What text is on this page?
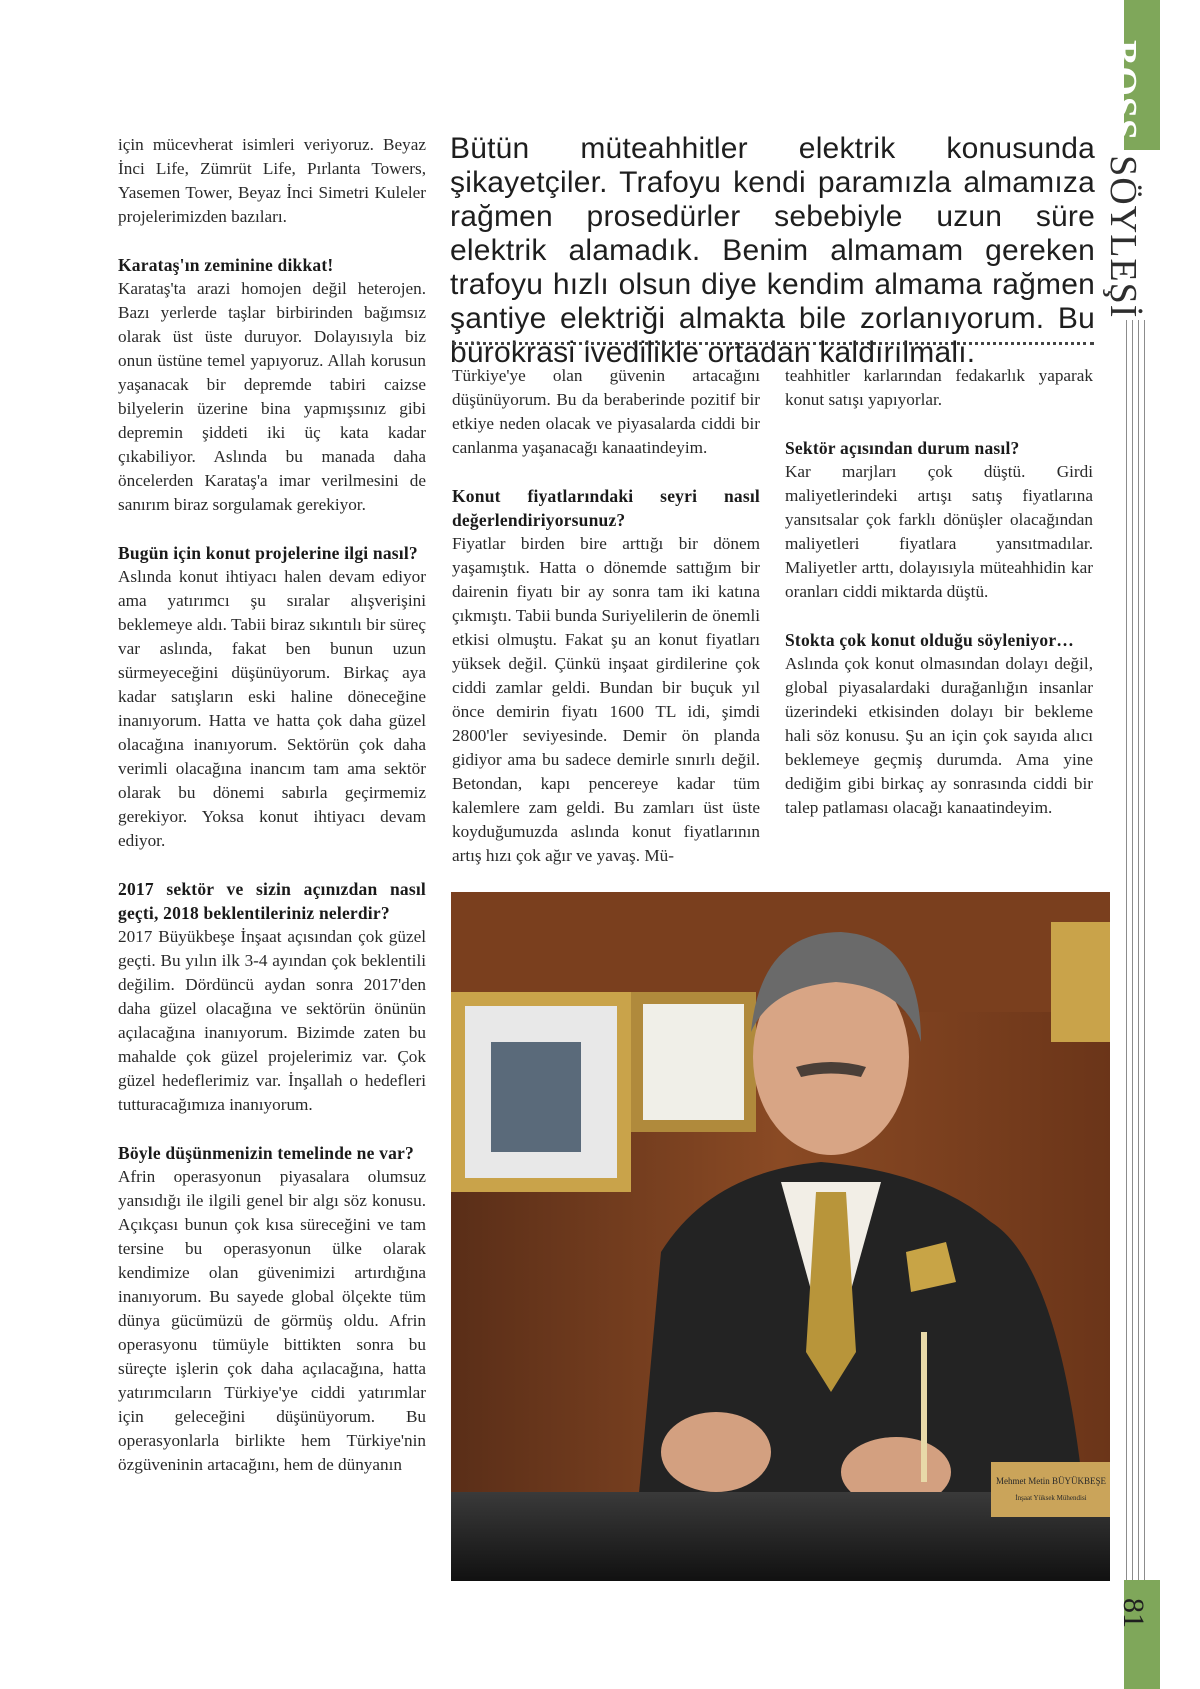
BOSSSÖYLEŞİ
81

Bütün müteahhitler elektrik konusunda şikayetçiler. Trafoyu kendi paramızla almamıza rağmen prosedürler sebebiyle uzun süre elektrik alamadık. Benim almamam gereken trafoyu hızlı olsun diye kendim almama rağmen şantiye elektriği almakta bile zorlanıyorum. Bu bürokrasi ivedilikle ortadan kaldırılmalı.

için mücevherat isimleri veriyoruz. Beyaz İnci Life, Zümrüt Life, Pırlanta Towers, Yasemen Tower, Beyaz İnci Simetri Kuleler projelerimizden bazıları.

Karataş'ın zeminine dikkat!

Karataş'ta arazi homojen değil heterojen. Bazı yerlerde taşlar birbirinden bağımsız olarak üst üste duruyor. Dolayısıyla biz onun üstüne temel yapıyoruz. Allah korusun yaşanacak bir depremde tabiri caizse bilyelerin üzerine bina yapmışsınız gibi depremin şiddeti iki üç kata kadar çıkabiliyor. Aslında bu manada daha öncelerden Karataş'a imar verilmesini de sanırım biraz sorgulamak gerekiyor.

Bugün için konut projelerine ilgi nasıl?

Aslında konut ihtiyacı halen devam ediyor ama yatırımcı şu sıralar alışverişini beklemeye aldı. Tabii biraz sıkıntılı bir süreç var aslında, fakat ben bunun uzun sürmeyeceğini düşünüyorum. Birkaç aya kadar satışların eski haline döneceğine inanıyorum. Hatta ve hatta çok daha güzel olacağına inanıyorum. Sektörün çok daha verimli olacağına inancım tam ama sektör olarak bu dönemi sabırla geçirmemiz gerekiyor. Yoksa konut ihtiyacı devam ediyor.

2017 sektör ve sizin açınızdan nasıl geçti, 2018 beklentileriniz nelerdir?

2017 Büyükbeşe İnşaat açısından çok güzel geçti. Bu yılın ilk 3-4 ayından çok beklentili değilim. Dördüncü aydan sonra 2017'den daha güzel olacağına ve sektörün önünün açılacağına inanıyorum. Bizimde zaten bu mahalde çok güzel projelerimiz var. Çok güzel hedeflerimiz var. İnşallah o hedefleri tutturacağımıza inanıyorum.

Böyle düşünmenizin temelinde ne var?

Afrin operasyonun piyasalara olumsuz yansıdığı ile ilgili genel bir algı söz konusu. Açıkçası bunun çok kısa süreceğini ve tam tersine bu operasyonun ülke olarak kendimize olan güvenimizi artırdığına inanıyorum. Bu sayede global ölçekte tüm dünya gücümüzü de görmüş oldu. Afrin operasyonu tümüyle bittikten sonra bu süreçte işlerin çok daha açılacağına, hatta yatırımcıların Türkiye'ye ciddi yatırımlar için geleceğini düşünüyorum. Bu operasyonlarla birlikte hem Türkiye'nin özgüveninin artacağını, hem de dünyanın

Türkiye'ye olan güvenin artacağını düşünüyorum. Bu da beraberinde pozitif bir etkiye neden olacak ve piyasalarda ciddi bir canlanma yaşanacağı kanaatindeyim.

Konut fiyatlarındaki seyri nasıl değerlendiriyorsunuz?

Fiyatlar birden bire arttığı bir dönem yaşamıştık. Hatta o dönemde sattığım bir dairenin fiyatı bir ay sonra tam iki katına çıkmıştı. Tabii bunda Suriyelilerin de önemli etkisi olmuştu. Fakat şu an konut fiyatları yüksek değil. Çünkü inşaat girdilerine çok ciddi zamlar geldi. Bundan bir buçuk yıl önce demirin fiyatı 1600 TL idi, şimdi 2800'ler seviyesinde. Demir ön planda gidiyor ama bu sadece demirle sınırlı değil. Betondan, kapı pencereye kadar tüm kalemlere zam geldi. Bu zamları üst üste koyduğumuzda aslında konut fiyatlarının artış hızı çok ağır ve yavaş. Mü-

teahhitler karlarından fedakarlık yaparak konut satışı yapıyorlar.

Sektör açısından durum nasıl?

Kar marjları çok düştü. Girdi maliyetlerindeki artışı satış fiyatlarına yansıtsalar çok farklı dönüşler olacağından maliyetleri fiyatlara yansıtmadılar. Maliyetler arttı, dolayısıyla müteahhidin kar oranları ciddi miktarda düştü.

Stokta çok konut olduğu söyleniyor…

Aslında çok konut olmasından dolayı değil, global piyasalardaki durağanlığın insanlar üzerindeki etkisinden dolayı bir bekleme hali söz konusu. Şu an için çok sayıda alıcı beklemeye geçmiş durumda. Ama yine dediğim gibi birkaç ay sonrasında ciddi bir talep patlaması olacağı kanaatindeyim.

Mehmet Metin BÜYÜKBEŞE
İnşaat Yüksek Mühendisi
